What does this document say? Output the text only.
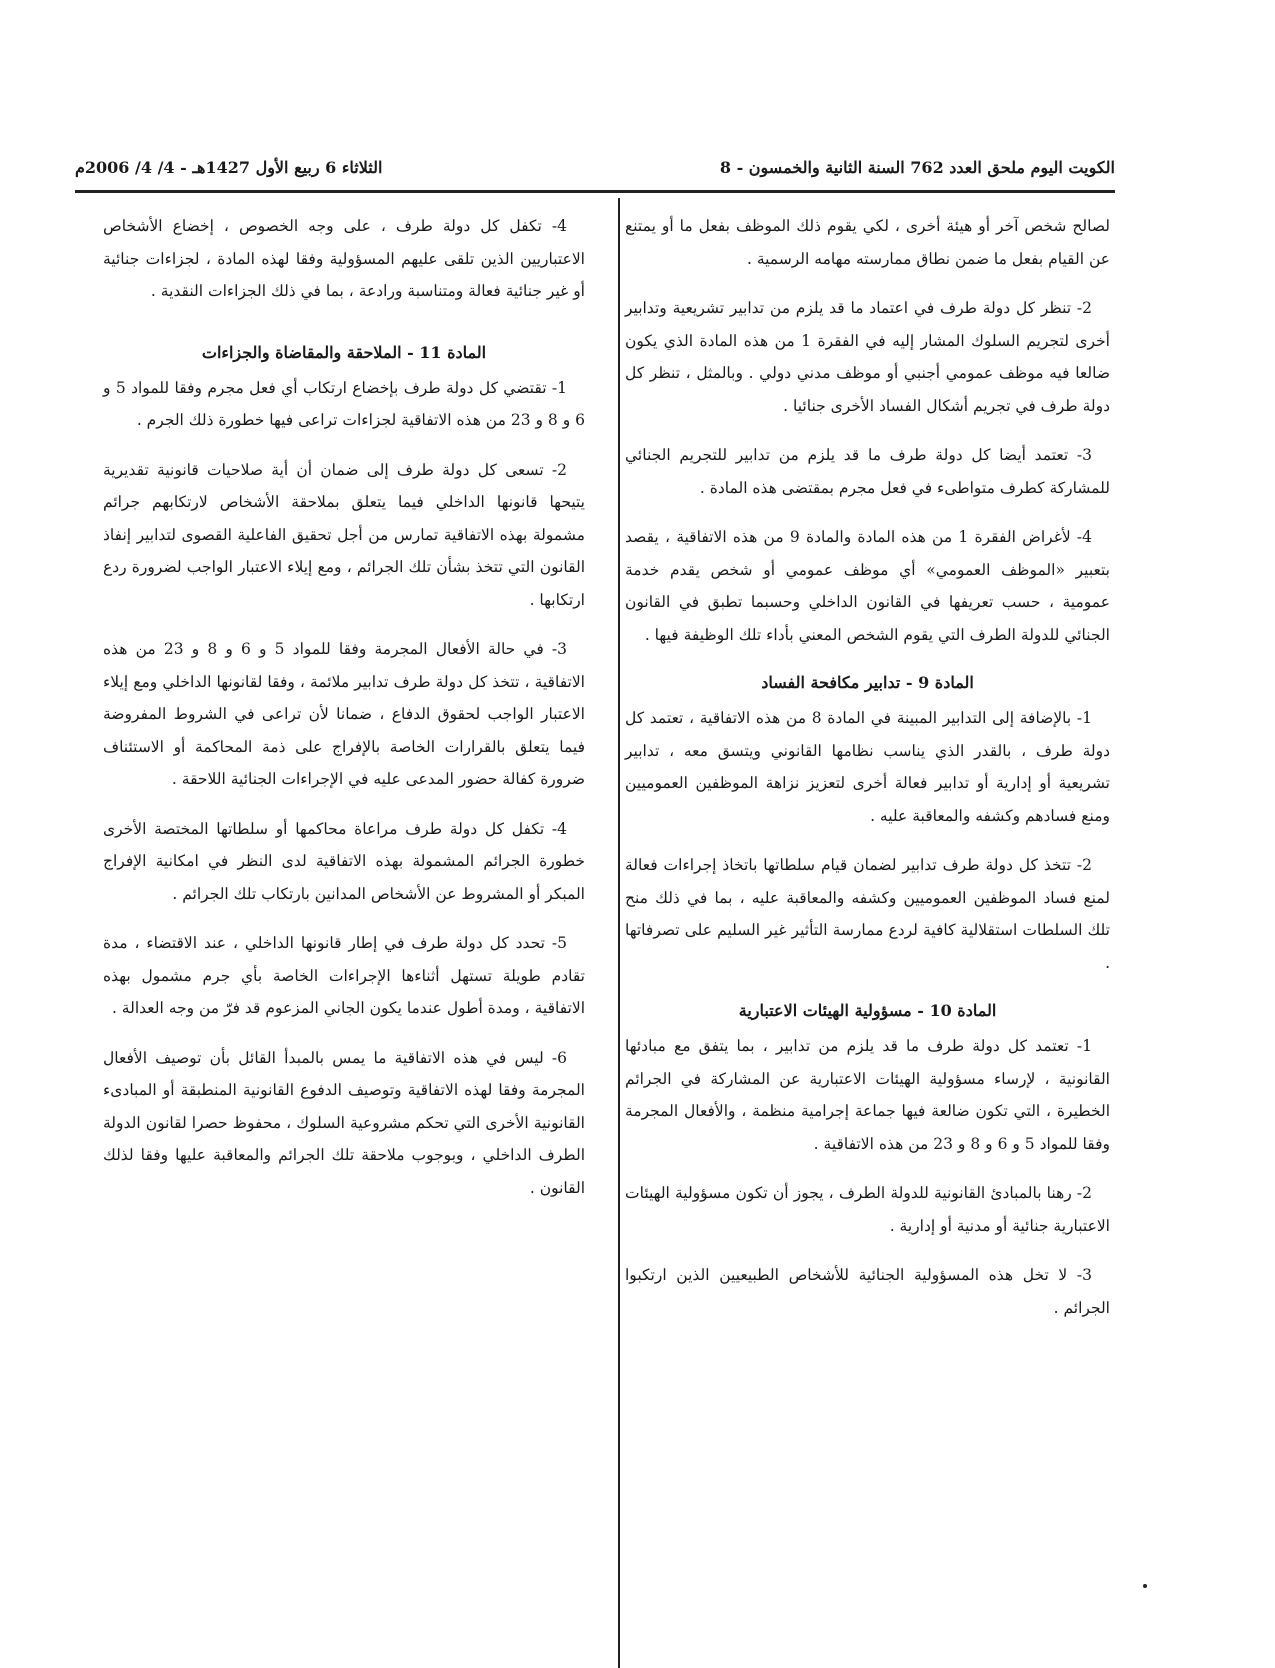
الكويت اليوم ملحق العدد 762 السنة الثانية والخمسون - 8
الثلاثاء 6 ربيع الأول 1427هـ - 4/ 4/ 2006م

لصالح شخص آخر أو هيئة أخرى ، لكي يقوم ذلك الموظف بفعل ما أو يمتنع عن القيام بفعل ما ضمن نطاق ممارسته مهامه الرسمية .

2- تنظر كل دولة طرف في اعتماد ما قد يلزم من تدابير تشريعية وتدابير أخرى لتجريم السلوك المشار إليه في الفقرة 1 من هذه المادة الذي يكون ضالعا فيه موظف عمومي أجنبي أو موظف مدني دولي . وبالمثل ، تنظر كل دولة طرف في تجريم أشكال الفساد الأخرى جنائيا .

3- تعتمد أيضا كل دولة طرف ما قد يلزم من تدابير للتجريم الجنائي للمشاركة كطرف متواطىء في فعل مجرم بمقتضى هذه المادة .

4- لأغراض الفقرة 1 من هذه المادة والمادة 9 من هذه الاتفاقية ، يقصد بتعبير «الموظف العمومي» أي موظف عمومي أو شخص يقدم خدمة عمومية ، حسب تعريفها في القانون الداخلي وحسبما تطبق في القانون الجنائي للدولة الطرف التي يقوم الشخص المعني بأداء تلك الوظيفة فيها .

المادة 9 - تدابير مكافحة الفساد

1- بالإضافة إلى التدابير المبينة في المادة 8 من هذه الاتفاقية ، تعتمد كل دولة طرف ، بالقدر الذي يناسب نظامها القانوني ويتسق معه ، تدابير تشريعية أو إدارية أو تدابير فعالة أخرى لتعزيز نزاهة الموظفين العموميين ومنع فسادهم وكشفه والمعاقبة عليه .

2- تتخذ كل دولة طرف تدابير لضمان قيام سلطاتها باتخاذ إجراءات فعالة لمنع فساد الموظفين العموميين وكشفه والمعاقبة عليه ، بما في ذلك منح تلك السلطات استقلالية كافية لردع ممارسة التأثير غير السليم على تصرفاتها .

المادة 10 - مسؤولية الهيئات الاعتبارية

1- تعتمد كل دولة طرف ما قد يلزم من تدابير ، بما يتفق مع مبادئها القانونية ، لإرساء مسؤولية الهيئات الاعتبارية عن المشاركة في الجرائم الخطيرة ، التي تكون ضالعة فيها جماعة إجرامية منظمة ، والأفعال المجرمة وفقا للمواد 5 و 6 و 8 و 23 من هذه الاتفاقية .

2- رهنا بالمبادئ القانونية للدولة الطرف ، يجوز أن تكون مسؤولية الهيئات الاعتبارية جنائية أو مدنية أو إدارية .

3- لا تخل هذه المسؤولية الجنائية للأشخاص الطبيعيين الذين ارتكبوا الجرائم .

4- تكفل كل دولة طرف ، على وجه الخصوص ، إخضاع الأشخاص الاعتباريين الذين تلقى عليهم المسؤولية وفقا لهذه المادة ، لجزاءات جنائية أو غير جنائية فعالة ومتناسبة ورادعة ، بما في ذلك الجزاءات النقدية .

المادة 11 - الملاحقة والمقاضاة والجزاءات

1- تقتضي كل دولة طرف بإخضاع ارتكاب أي فعل مجرم وفقا للمواد 5 و 6 و 8 و 23 من هذه الاتفاقية لجزاءات تراعى فيها خطورة ذلك الجرم .

2- تسعى كل دولة طرف إلى ضمان أن أية صلاحيات قانونية تقديرية يتيحها قانونها الداخلي فيما يتعلق بملاحقة الأشخاص لارتكابهم جرائم مشمولة بهذه الاتفاقية تمارس من أجل تحقيق الفاعلية القصوى لتدابير إنفاذ القانون التي تتخذ بشأن تلك الجرائم ، ومع إيلاء الاعتبار الواجب لضرورة ردع ارتكابها .

3- في حالة الأفعال المجرمة وفقا للمواد 5 و 6 و 8 و 23 من هذه الاتفاقية ، تتخذ كل دولة طرف تدابير ملائمة ، وفقا لقانونها الداخلي ومع إيلاء الاعتبار الواجب لحقوق الدفاع ، ضمانا لأن تراعى في الشروط المفروضة فيما يتعلق بالقرارات الخاصة بالإفراج على ذمة المحاكمة أو الاستئناف ضرورة كفالة حضور المدعى عليه في الإجراءات الجنائية اللاحقة .

4- تكفل كل دولة طرف مراعاة محاكمها أو سلطاتها المختصة الأخرى خطورة الجرائم المشمولة بهذه الاتفاقية لدى النظر في امكانية الإفراج المبكر أو المشروط عن الأشخاص المدانين بارتكاب تلك الجرائم .

5- تحدد كل دولة طرف في إطار قانونها الداخلي ، عند الاقتضاء ، مدة تقادم طويلة تستهل أثناءها الإجراءات الخاصة بأي جرم مشمول بهذه الاتفاقية ، ومدة أطول عندما يكون الجاني المزعوم قد فرّ من وجه العدالة .

6- ليس في هذه الاتفاقية ما يمس بالمبدأ القائل بأن توصيف الأفعال المجرمة وفقا لهذه الاتفاقية وتوصيف الدفوع القانونية المنطبقة أو المبادىء القانونية الأخرى التي تحكم مشروعية السلوك ، محفوظ حصرا لقانون الدولة الطرف الداخلي ، وبوجوب ملاحقة تلك الجرائم والمعاقبة عليها وفقا لذلك القانون .
